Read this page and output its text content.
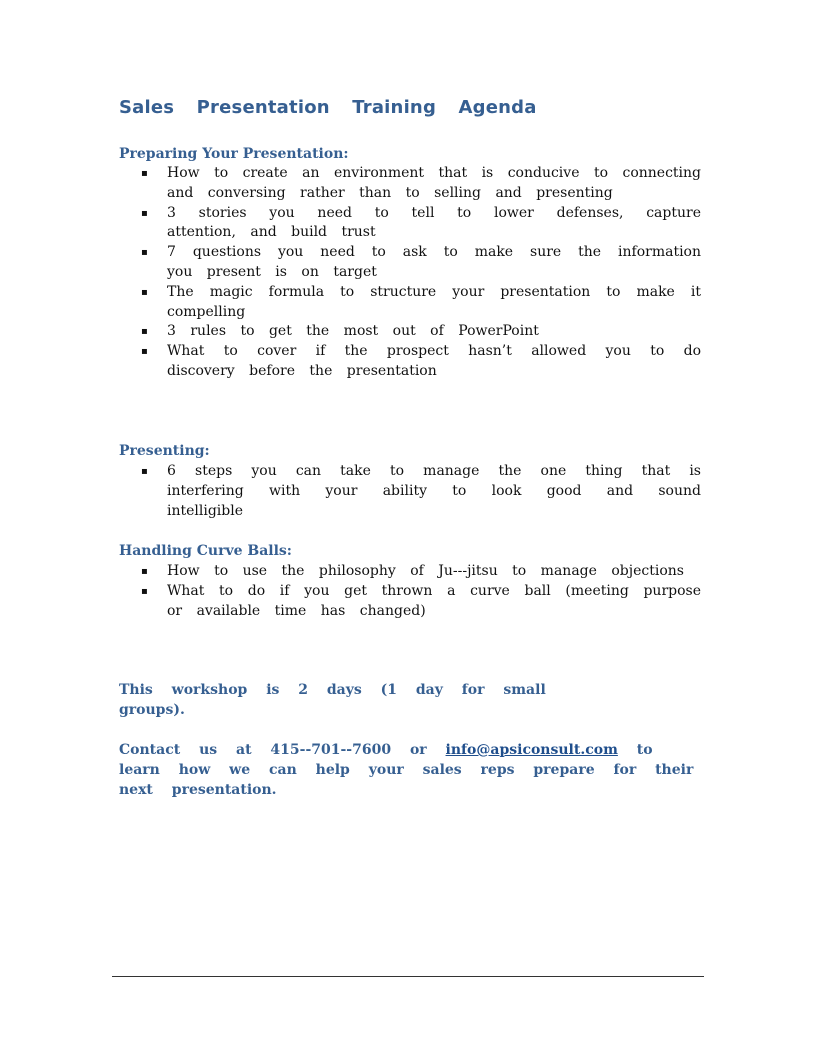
Sales Presentation Training Agenda
Preparing Your Presentation:
▪ How to create an environment that is conducive to connecting and conversing rather than to selling and presenting
▪ 3 stories you need to tell to lower defenses, capture attention, and build trust
▪ 7 questions you need to ask to make sure the information you present is on target
▪ The magic formula to structure your presentation to make it compelling
▪ 3 rules to get the most out of PowerPoint
▪ What to cover if the prospect hasn’t allowed you to do discovery before the presentation
Presenting:
▪ 6 steps you can take to manage the one thing that is interfering with your ability to look good and sound intelligible
Handling Curve Balls:
▪ How to use the philosophy of Ju---jitsu to manage objections
▪ What to do if you get thrown a curve ball (meeting purpose or available time has changed)

This workshop is 2 days (1 day for small groups).

Contact us at 415--701--7600 or info@apsiconsult.com to learn how we can help your sales reps prepare for their next presentation.
